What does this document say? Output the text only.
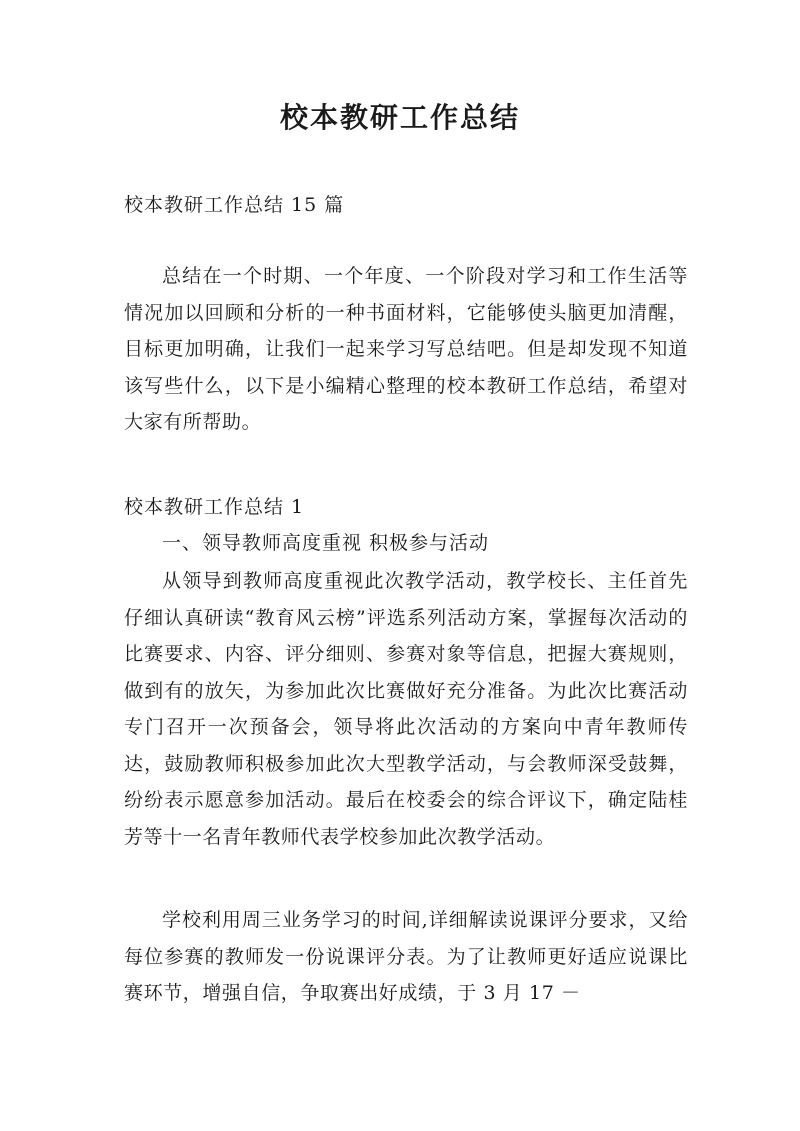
校本教研工作总结

校本教研工作总结 15 篇

总结在一个时期、一个年度、一个阶段对学习和工作生活等情况加以回顾和分析的一种书面材料，它能够使头脑更加清醒，目标更加明确，让我们一起来学习写总结吧。但是却发现不知道该写些什么，以下是小编精心整理的校本教研工作总结，希望对大家有所帮助。

校本教研工作总结 1

一、领导教师高度重视 积极参与活动

从领导到教师高度重视此次教学活动，教学校长、主任首先仔细认真研读“教育风云榜”评选系列活动方案，掌握每次活动的比赛要求、内容、评分细则、参赛对象等信息，把握大赛规则，做到有的放矢，为参加此次比赛做好充分准备。为此次比赛活动专门召开一次预备会，领导将此次活动的方案向中青年教师传达，鼓励教师积极参加此次大型教学活动，与会教师深受鼓舞，纷纷表示愿意参加活动。最后在校委会的综合评议下，确定陆桂芳等十一名青年教师代表学校参加此次教学活动。

学校利用周三业务学习的时间,详细解读说课评分要求，又给每位参赛的教师发一份说课评分表。为了让教师更好适应说课比赛环节，增强自信，争取赛出好成绩，于 3 月 17 －
